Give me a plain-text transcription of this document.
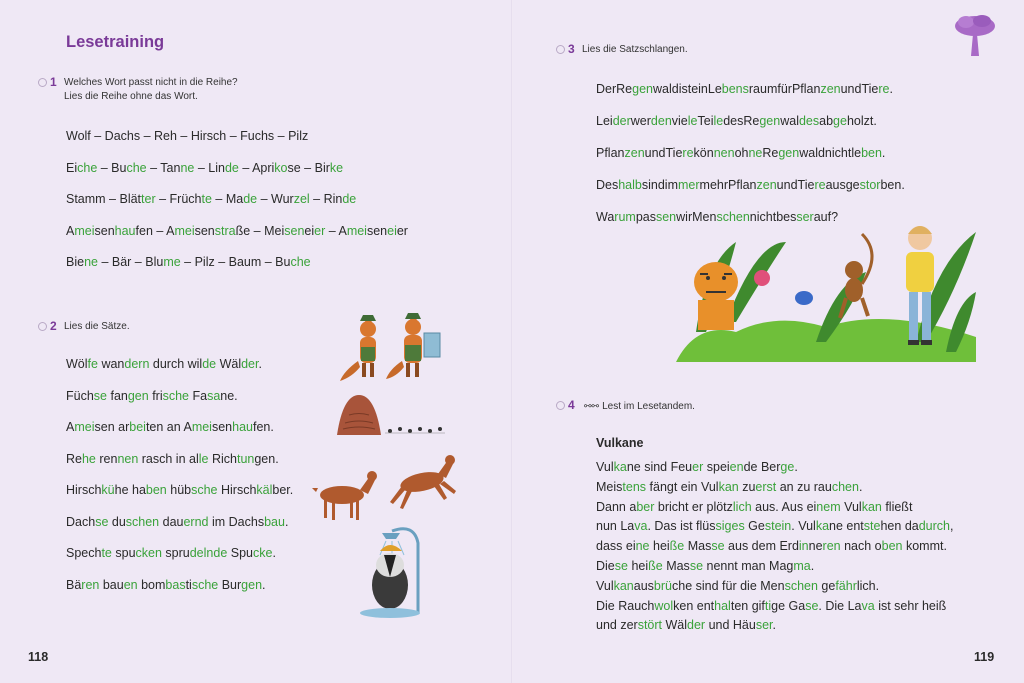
Lesetraining
1 Welches Wort passt nicht in die Reihe?
Lies die Reihe ohne das Wort.
Wolf – Dachs – Reh – Hirsch – Fuchs – Pilz
Eiche – Buche – Tanne – Linde – Aprikose – Birke
Stamm – Blätter – Früchte – Made – Wurzel – Rinde
Ameisenhaufen – Ameisenstraße – Meiseneier – Ameiseneier
Biene – Bär – Blume – Pilz – Baum – Buche
2 Lies die Sätze.
Wölfe wandern durch wilde Wälder.
Füchse fangen frische Fasane.
Ameisen arbeiten an Ameisenhaufen.
Rehe rennen rasch in alle Richtungen.
Hirschkühe haben hübsche Hirschkälber.
Dachse duschen dauernd im Dachsbau.
Spechte spucken sprudelnde Spucke.
Bären bauen bombastische Burgen.
118
3 Lies die Satzschlangen.
DerRegenwaldisteinLebensraumfürPflanzenundTiere.
LeiderwerdenvieleTeiledesRegenwaldesabgeholzt.
PflanzenundTierekönnenohneRegenwaldnichtleben.
DeshalbsindimmermehrPflanzenundTiereausgestorben.
WarumpassenwirMenschennichtbesserauf?
4	⚯⚯ Lest im Lesetandem.
Vulkane
Vulkane sind Feuer speiende Berge.
Meistens fängt ein Vulkan zuerst an zu rauchen.
Dann aber bricht er plötzlich aus. Aus einem Vulkan fließt
nun Lava. Das ist flüssiges Gestein. Vulkane entstehen dadurch,
dass eine heiße Masse aus dem Erdinneren nach oben kommt.
Diese heiße Masse nennt man Magma.
Vulkanausbrüche sind für die Menschen gefährlich.
Die Rauchwolken enthalten giftige Gase. Die Lava ist sehr heiß
und zerstört Wälder und Häuser.
119
